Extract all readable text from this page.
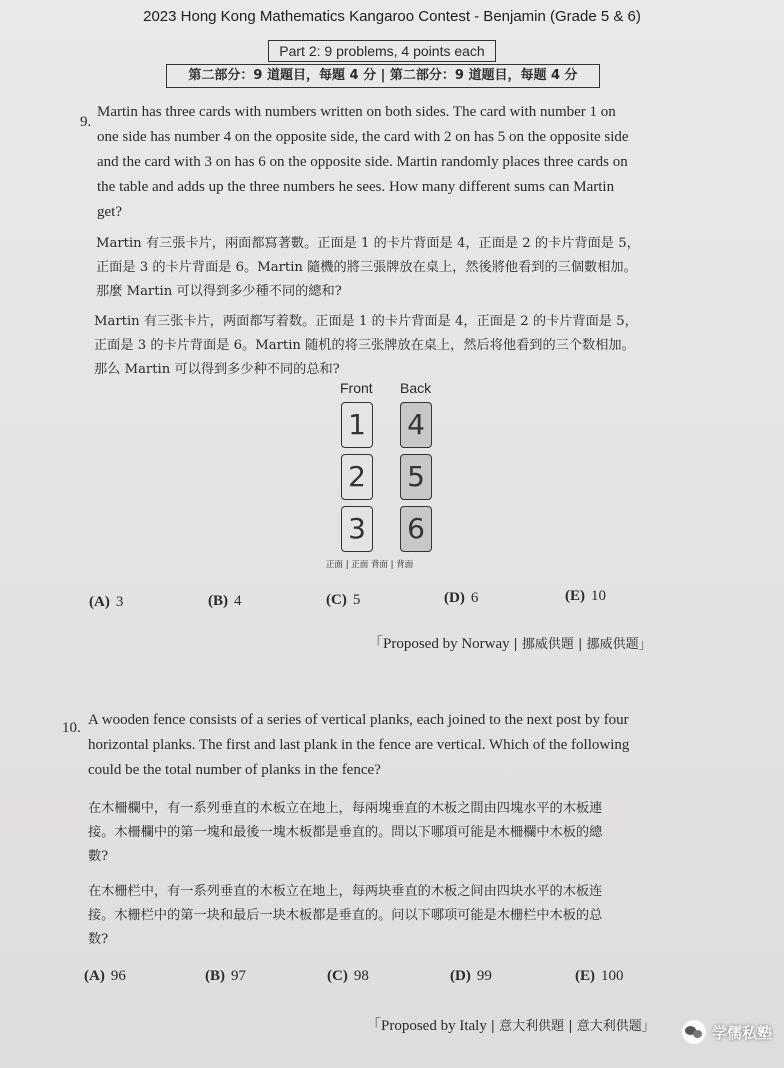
2023 Hong Kong Mathematics Kangaroo Contest - Benjamin (Grade 5 & 6)
Part 2: 9 problems, 4 points each
第二部分：9 道題目，每題 4 分 | 第二部分：9 道题目，每题 4 分
9.
Martin has three cards with numbers written on both sides. The card with number 1 on
one side has number 4 on the opposite side, the card with 2 on has 5 on the opposite side
and the card with 3 on has 6 on the opposite side. Martin randomly places three cards on
the table and adds up the three numbers he sees. How many different sums can Martin
get?
Martin 有三張卡片，兩面都寫著數。正面是 1 的卡片背面是 4，正面是 2 的卡片背面是 5，
正面是 3 的卡片背面是 6。Martin 隨機的將三張牌放在桌上，然後將他看到的三個數相加。
那麼 Martin 可以得到多少種不同的總和?
Martin 有三张卡片，两面都写着数。正面是 1 的卡片背面是 4，正面是 2 的卡片背面是 5，
正面是 3 的卡片背面是 6。Martin 随机的将三张牌放在桌上，然后将他看到的三个数相加。
那么 Martin 可以得到多少种不同的总和?
Front Back
1 4
2 5
3 6
正面 | 正面 背面 | 背面
(A) 3	(B) 4	(C) 5	(D) 6	(E) 10
「Proposed by Norway | 挪威供題 | 挪威供题」
10. A wooden fence consists of a series of vertical planks, each joined to the next post by four
horizontal planks. The first and last plank in the fence are vertical. Which of the following
could be the total number of planks in the fence?
在木柵欄中，有一系列垂直的木板立在地上，每兩塊垂直的木板之間由四塊水平的木板連
接。木柵欄中的第一塊和最後一塊木板都是垂直的。問以下哪項可能是木柵欄中木板的總
數?
在木栅栏中，有一系列垂直的木板立在地上，每两块垂直的木板之间由四块水平的木板连
接。木栅栏中的第一块和最后一块木板都是垂直的。问以下哪项可能是木栅栏中木板的总
数?
(A) 96	(B) 97	(C) 98	(D) 99	(E) 100
「Proposed by Italy | 意大利供題 | 意大利供题」	学儒私塾
